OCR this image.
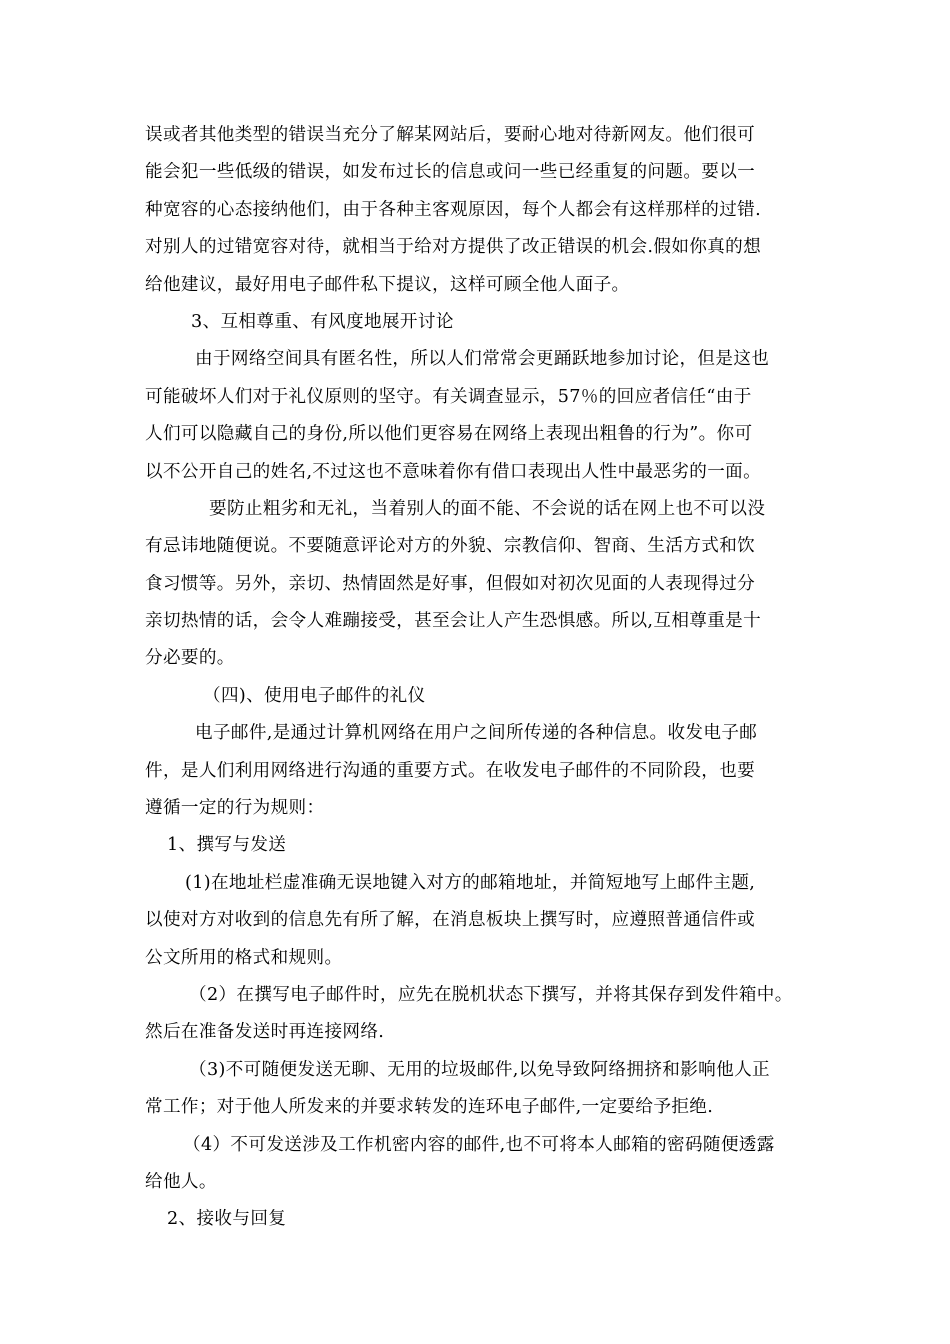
误或者其他类型的错误当充分了解某网站后，要耐心地对待新网友。他们很可
能会犯一些低级的错误，如发布过长的信息或问一些已经重复的问题。要以一
种宽容的心态接纳他们，由于各种主客观原因，每个人都会有这样那样的过错.
对别人的过错宽容对待，就相当于给对方提供了改正错误的机会.假如你真的想
给他建议，最好用电子邮件私下提议，这样可顾全他人面子。
3、互相尊重、有风度地展开讨论
由于网络空间具有匿名性，所以人们常常会更踊跃地参加讨论，但是这也
可能破坏人们对于礼仪原则的坚守。有关调查显示，57％的回应者信任“由于
人们可以隐藏自己的身份,所以他们更容易在网络上表现出粗鲁的行为”。你可
以不公开自己的姓名,不过这也不意味着你有借口表现出人性中最恶劣的一面。
要防止粗劣和无礼，当着别人的面不能、不会说的话在网上也不可以没
有忌讳地随便说。不要随意评论对方的外貌、宗教信仰、智商、生活方式和饮
食习惯等。另外，亲切、热情固然是好事，但假如对初次见面的人表现得过分
亲切热情的话，会令人难蹦接受，甚至会让人产生恐惧感。所以,互相尊重是十
分必要的。
（四)、使用电子邮件的礼仪
电子邮件,是通过计算机网络在用户之间所传递的各种信息。收发电子邮
件，是人们利用网络进行沟通的重要方式。在收发电子邮件的不同阶段，也要
遵循一定的行为规则：
1、撰写与发送
(1)在地址栏虚准确无误地键入对方的邮箱地址，并简短地写上邮件主题,
以使对方对收到的信息先有所了解，在消息板块上撰写时，应遵照普通信件或
公文所用的格式和规则。
（2）在撰写电子邮件时，应先在脱机状态下撰写，并将其保存到发件箱中。
然后在准备发送时再连接网络.
（3)不可随便发送无聊、无用的垃圾邮件,以免导致阿络拥挤和影响他人正
常工作；对于他人所发来的并要求转发的连环电子邮件,一定要给予拒绝.
（4）不可发送涉及工作机密内容的邮件,也不可将本人邮箱的密码随便透露
给他人。
2、接收与回复
